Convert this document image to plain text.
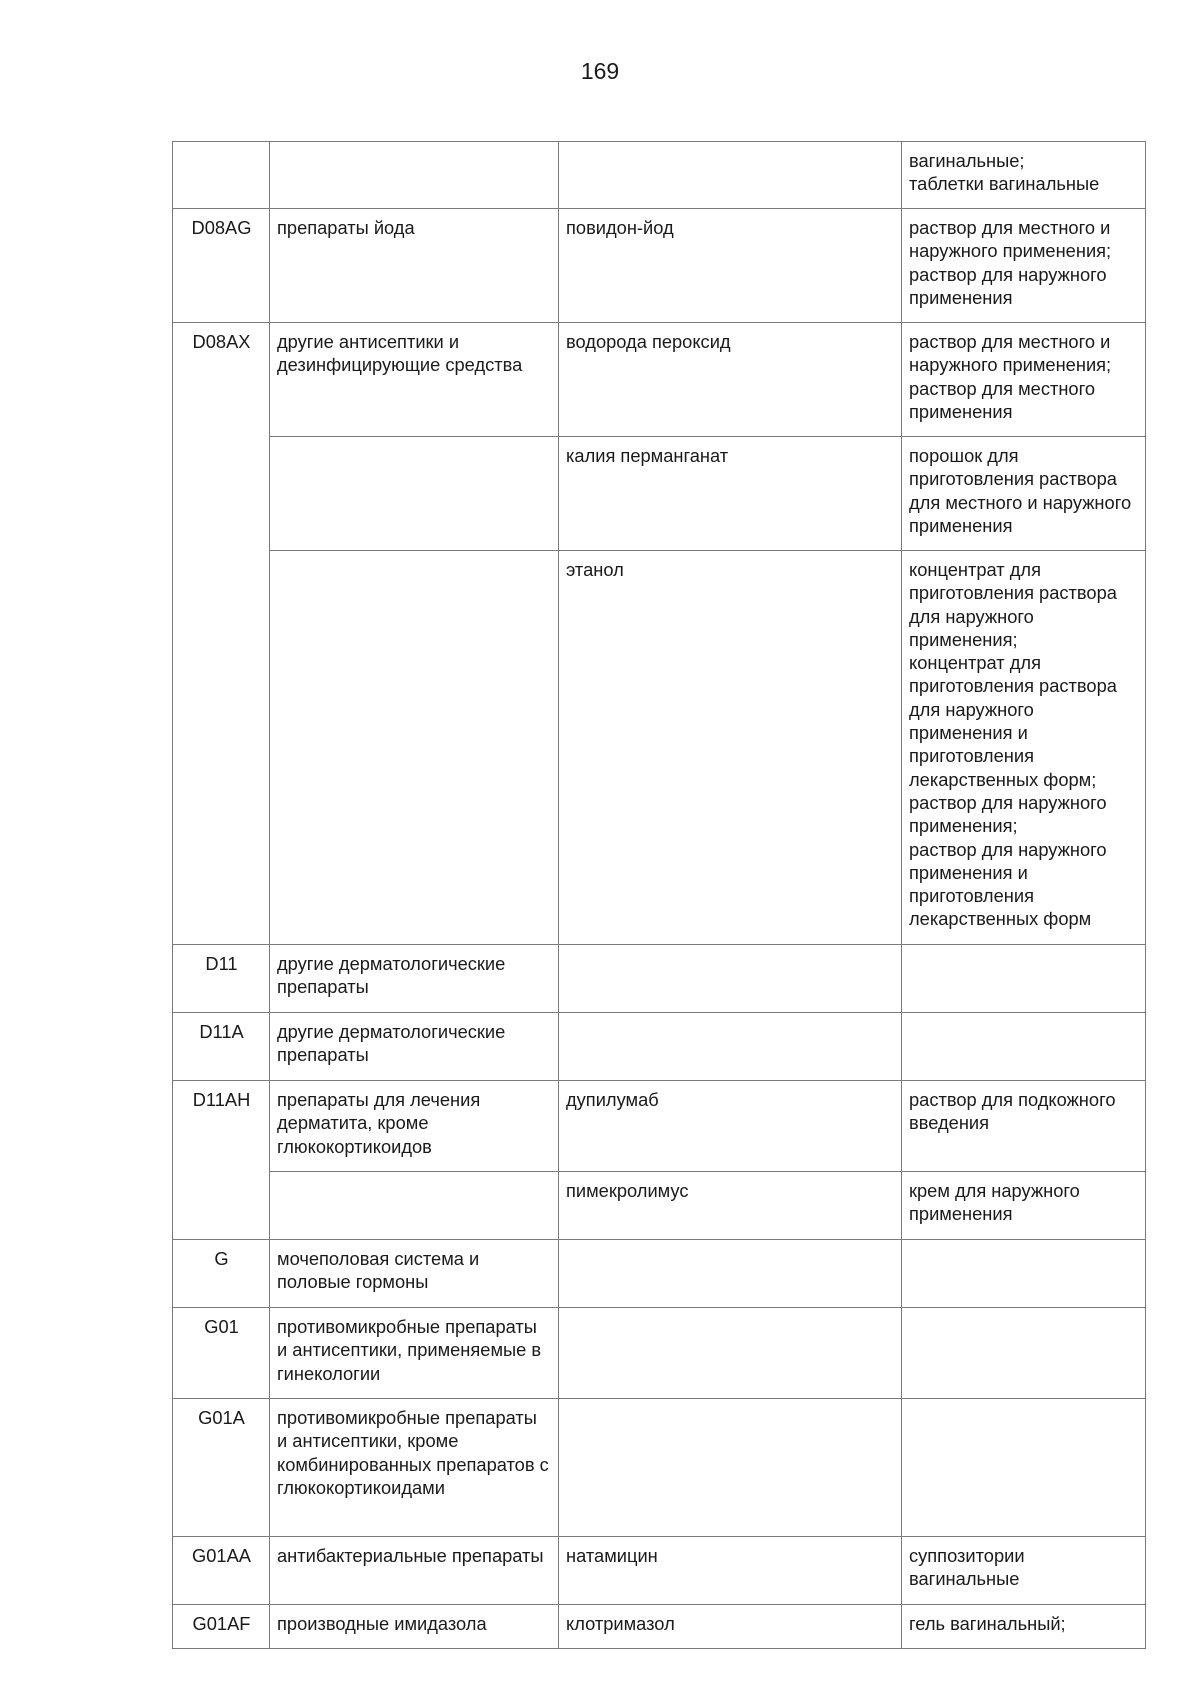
169
			вагинальные;
таблетки вагинальные
D08AG	препараты йода	повидон-йод	раствор для местного и наружного применения;
раствор для наружного применения
D08AX	другие антисептики и дезинфицирующие средства	водорода пероксид	раствор для местного и наружного применения;
раствор для местного применения
		калия перманганат	порошок для приготовления раствора для местного и наружного применения
		этанол	концентрат для приготовления раствора для наружного применения;
концентрат для приготовления раствора для наружного применения и приготовления лекарственных форм;
раствор для наружного применения;
раствор для наружного применения и приготовления лекарственных форм
D11	другие дерматологические препараты		
D11A	другие дерматологические препараты		
D11AH	препараты для лечения дерматита, кроме глюкокортикоидов	дупилумаб	раствор для подкожного введения
		пимекролимус	крем для наружного применения
G	мочеполовая система и половые гормоны		
G01	противомикробные препараты и антисептики, применяемые в гинекологии		
G01A	противомикробные препараты и антисептики, кроме комбинированных препаратов с глюкокортикоидами		
G01AA	антибактериальные препараты	натамицин	суппозитории вагинальные
G01AF	производные имидазола	клотримазол	гель вагинальный;
